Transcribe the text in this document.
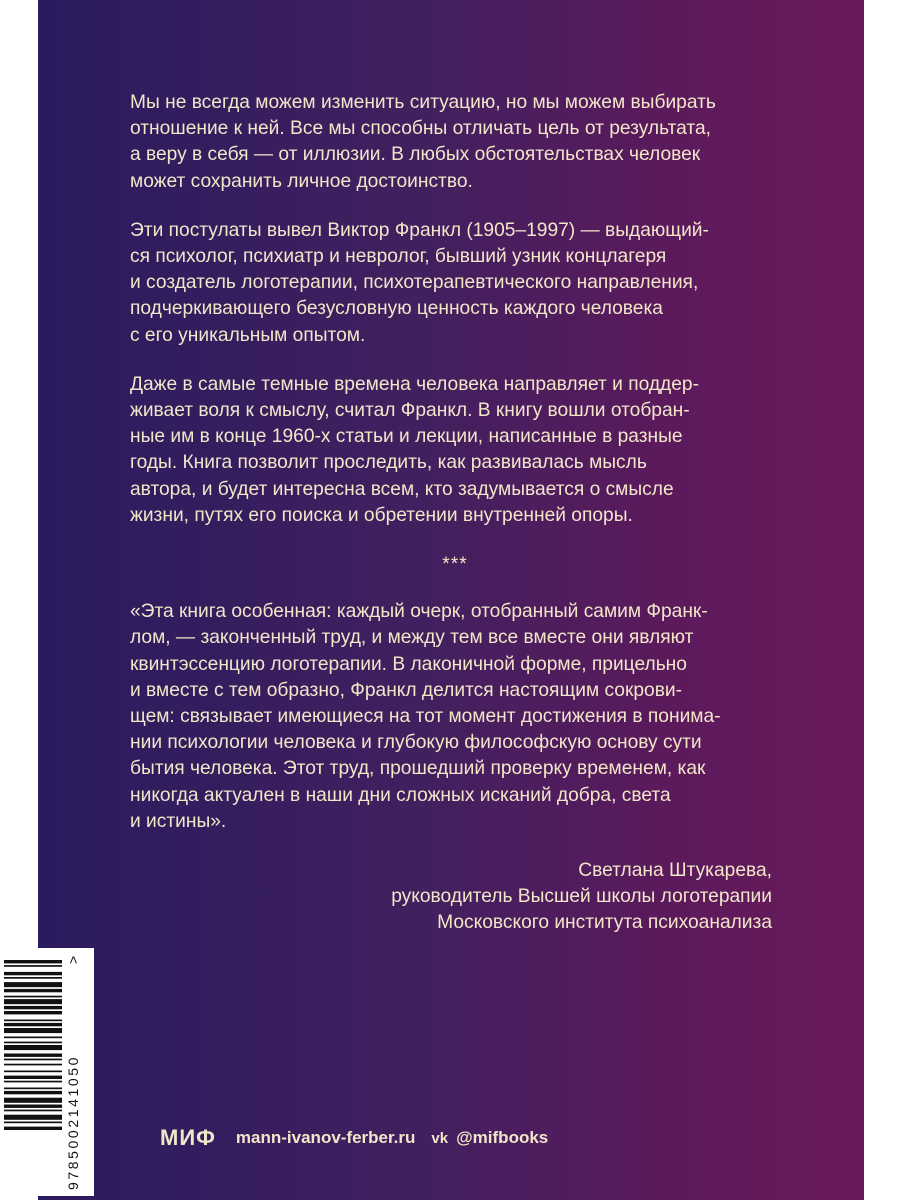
Мы не всегда можем изменить ситуацию, но мы можем выбирать
отношение к ней. Все мы способны отличать цель от результата,
а веру в себя — от иллюзии. В любых обстоятельствах человек
может сохранить личное достоинство.

Эти постулаты вывел Виктор Франкл (1905–1997) — выдающий-
ся психолог, психиатр и невролог, бывший узник концлагеря
и создатель логотерапии, психотерапевтического направления,
подчеркивающего безусловную ценность каждого человека
с его уникальным опытом.

Даже в самые темные времена человека направляет и поддер-
живает воля к смыслу, считал Франкл. В книгу вошли отобран-
ные им в конце 1960-х статьи и лекции, написанные в разные
годы. Книга позволит проследить, как развивалась мысль
автора, и будет интересна всем, кто задумывается о смысле
жизни, путях его поиска и обретении внутренней опоры.

***

«Эта книга особенная: каждый очерк, отобранный самим Франк-
лом, — законченный труд, и между тем все вместе они являют
квинтэссенцию логотерапии. В лаконичной форме, прицельно
и вместе с тем образно, Франкл делится настоящим сокрови-
щем: связывает имеющиеся на тот момент достижения в понима-
нии психологии человека и глубокую философскую основу сути
бытия человека. Этот труд, прошедший проверку временем, как
никогда актуален в наши дни сложных исканий добра, света
и истины».

Светлана Штукарева,
руководитель Высшей школы логотерапии
Московского института психоанализа
МИФ mann-ivanov-ferber.ru vk @mifbooks
9785002141050
>
